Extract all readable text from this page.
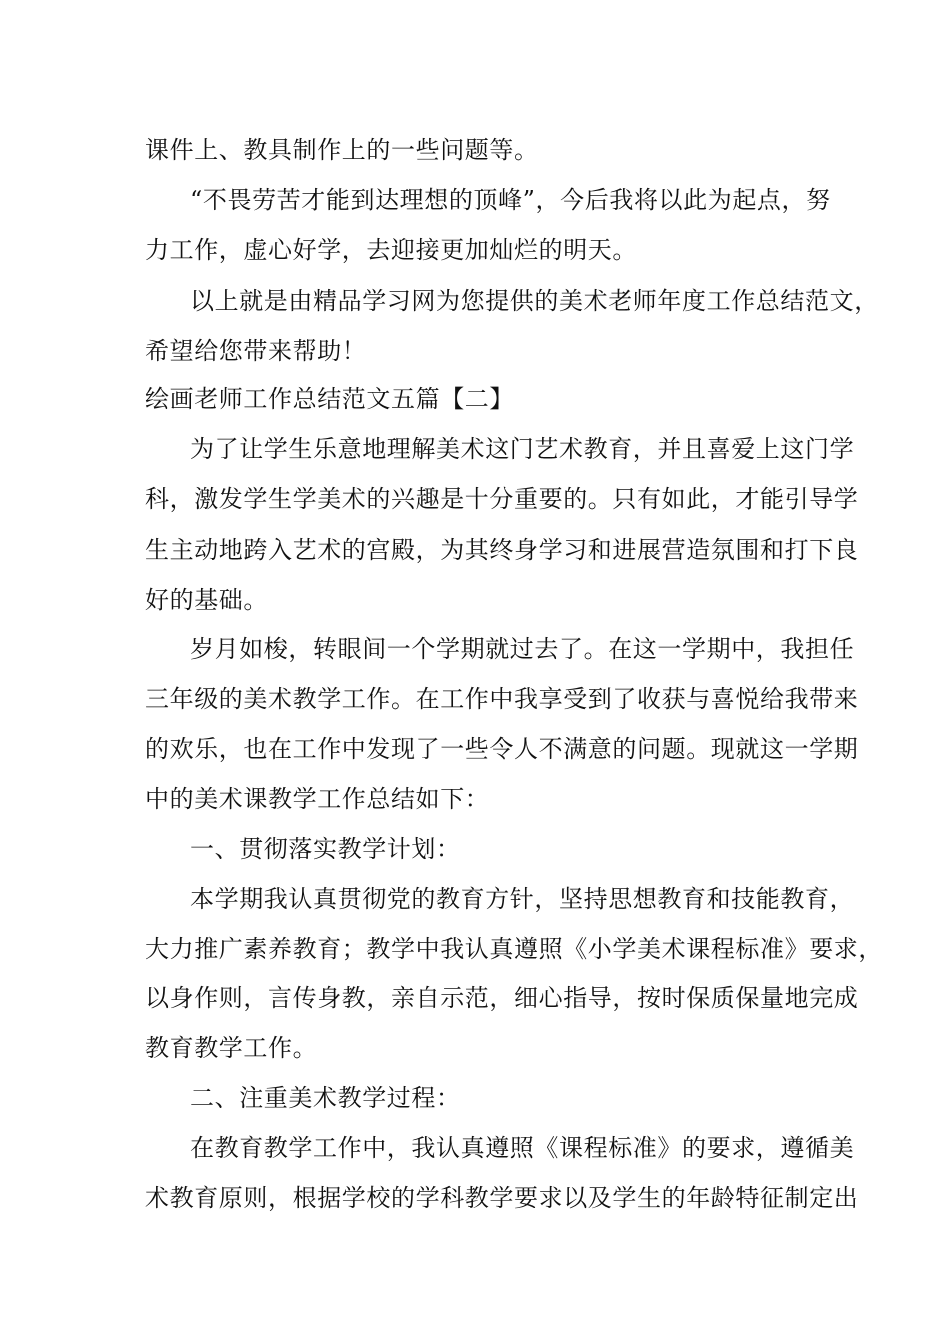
课件上、教具制作上的一些问题等。
“不畏劳苦才能到达理想的顶峰”，今后我将以此为起点，努
力工作，虚心好学，去迎接更加灿烂的明天。
以上就是由精品学习网为您提供的美术老师年度工作总结范文，
希望给您带来帮助！
绘画老师工作总结范文五篇【二】
为了让学生乐意地理解美术这门艺术教育，并且喜爱上这门学
科，激发学生学美术的兴趣是十分重要的。只有如此，才能引导学
生主动地跨入艺术的宫殿，为其终身学习和进展营造氛围和打下良
好的基础。
岁月如梭，转眼间一个学期就过去了。在这一学期中，我担任
三年级的美术教学工作。在工作中我享受到了收获与喜悦给我带来
的欢乐，也在工作中发现了一些令人不满意的问题。现就这一学期
中的美术课教学工作总结如下：
一、贯彻落实教学计划：
本学期我认真贯彻党的教育方针，坚持思想教育和技能教育，
大力推广素养教育；教学中我认真遵照《小学美术课程标准》要求，
以身作则，言传身教，亲自示范，细心指导，按时保质保量地完成
教育教学工作。
二、注重美术教学过程：
在教育教学工作中，我认真遵照《课程标准》的要求，遵循美
术教育原则，根据学校的学科教学要求以及学生的年龄特征制定出
